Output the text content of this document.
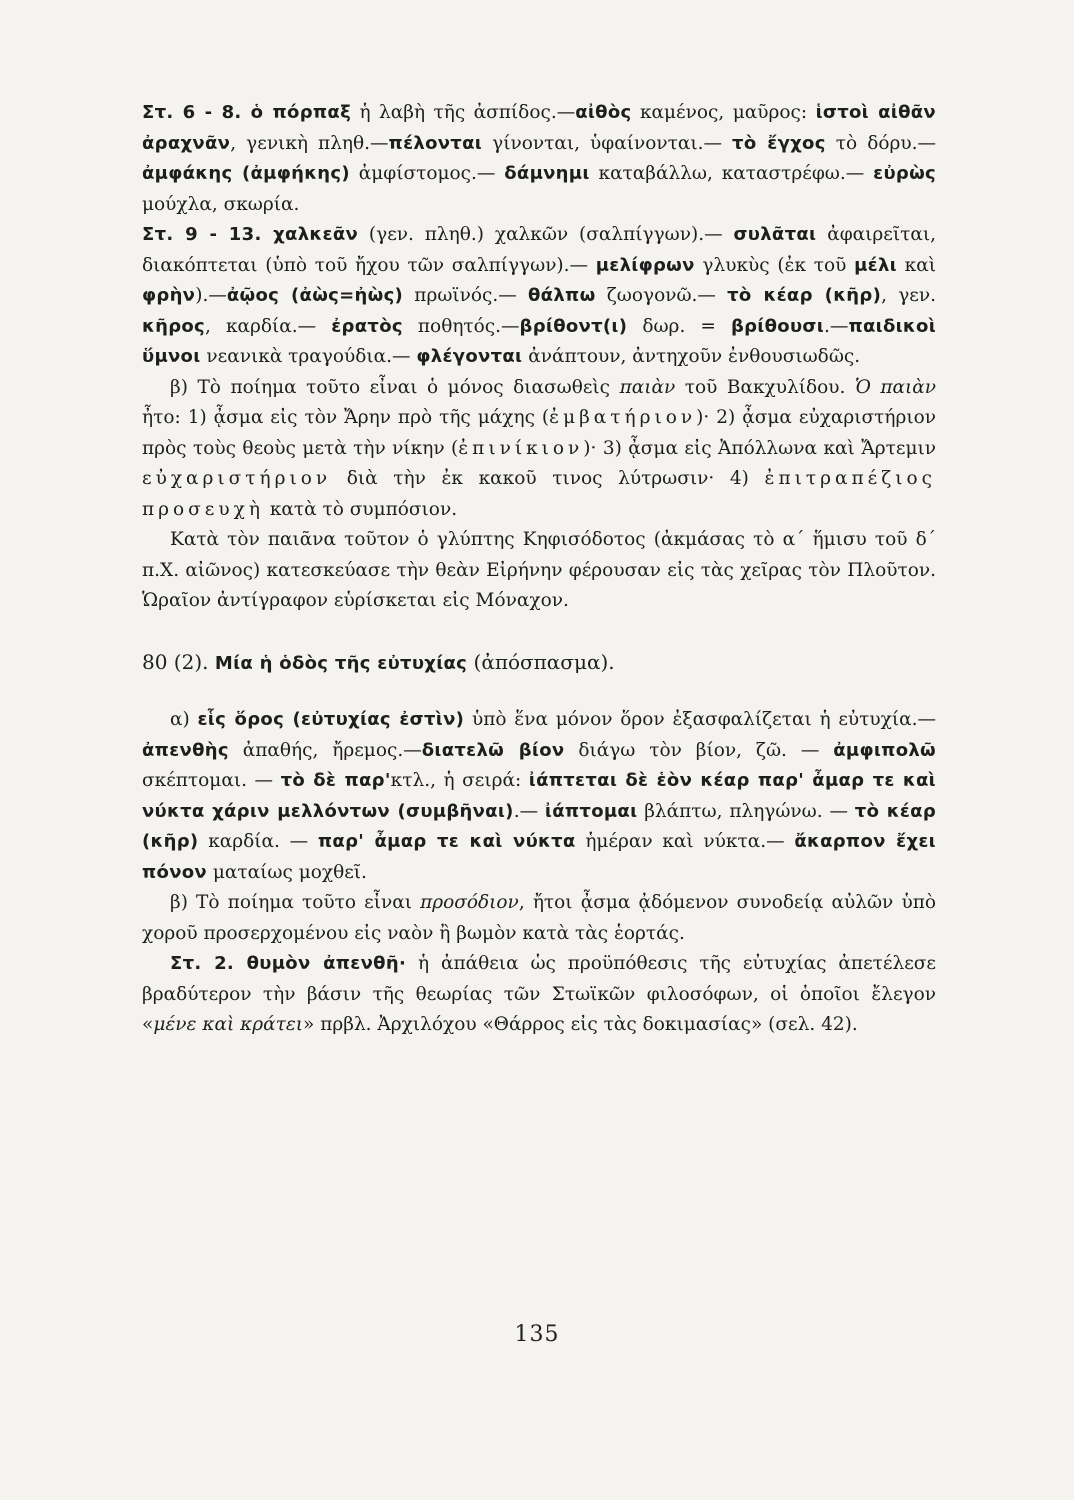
Στ. 6 - 8. ὁ πόρπαξ ἡ λαβὴ τῆς ἀσπίδος.—αἰθὸς καμένος, μαῦρος: ἱστοὶ αἰθᾶν ἀραχνᾶν, γενικὴ πληθ.—πέλονται γίνονται, ὑφαίνονται.— τὸ ἔγχος τὸ δόρυ.— ἀμφάκης (ἀμφήκης) ἀμφίστομος.— δάμνημι καταβάλλω, καταστρέφω.— εὐρὼς μούχλα, σκωρία.

Στ. 9 - 13. χαλκεᾶν (γεν. πληθ.) χαλκῶν (σαλπίγγων).— συλᾶται ἀφαιρεῖται, διακόπτεται (ὑπὸ τοῦ ἤχου τῶν σαλπίγγων).— μελίφρων γλυκὺς (ἐκ τοῦ μέλι καὶ φρὴν).—ἀῷος (ἀὼς=ἠὼς) πρωϊνός.— θάλπω ζωογονῶ.— τὸ κέαρ (κῆρ), γεν. κῆρος, καρδία.— ἐρατὸς ποθητός.—βρίθοντ(ι) δωρ. = βρίθουσι.—παιδικοὶ ὕμνοι νεανικὰ τραγούδια.— φλέγονται ἀνάπτουν, ἀντηχοῦν ἐνθουσιωδῶς.

β) Τὸ ποίημα τοῦτο εἶναι ὁ μόνος διασωθεὶς παιὰν τοῦ Βακχυλίδου. Ὁ παιὰν ἦτο: 1) ᾆσμα εἰς τὸν Ἄρην πρὸ τῆς μάχης (ἐμβατήριον)· 2) ᾆσμα εὐχαριστήριον πρὸς τοὺς θεοὺς μετὰ τὴν νίκην (ἐπινίκιον)· 3) ᾆσμα εἰς Ἀπόλλωνα καὶ Ἄρτεμιν εὐχαριστήριον διὰ τὴν ἐκ κακοῦ τινος λύτρωσιν· 4) ἐπιτραπέζιος προσευχὴ κατὰ τὸ συμπόσιον.

Κατὰ τὸν παιᾶνα τοῦτον ὁ γλύπτης Κηφισόδοτος (ἀκμάσας τὸ α΄ ἥμισυ τοῦ δ΄ π.Χ. αἰῶνος) κατεσκεύασε τὴν θεὰν Εἰρήνην φέρουσαν εἰς τὰς χεῖρας τὸν Πλοῦτον. Ὡραῖον ἀντίγραφον εὑρίσκεται εἰς Μόναχον.

80 (2). Μία ἡ ὁδὸς τῆς εὐτυχίας (ἀπόσπασμα).

α) εἷς ὅρος (εὐτυχίας ἐστὶν) ὑπὸ ἕνα μόνον ὅρον ἐξασφαλίζεται ἡ εὐτυχία.—ἀπενθὴς ἀπαθής, ἤρεμος.—διατελῶ βίον διάγω τὸν βίον, ζῶ. — ἀμφιπολῶ σκέπτομαι. — τὸ δὲ παρ'κτλ., ἡ σειρά: ἰάπτεται δὲ ἑὸν κέαρ παρ' ἆμαρ τε καὶ νύκτα χάριν μελλόντων (συμβῆναι).— ἰάπτομαι βλάπτω, πληγώνω. — τὸ κέαρ (κῆρ) καρδία. — παρ' ἆμαρ τε καὶ νύκτα ἡμέραν καὶ νύκτα.— ἄκαρπον ἔχει πόνον ματαίως μοχθεῖ.

β) Τὸ ποίημα τοῦτο εἶναι προσόδιον, ἤτοι ᾆσμα ᾀδόμενον συνοδείᾳ αὐλῶν ὑπὸ χοροῦ προσερχομένου εἰς ναὸν ἢ βωμὸν κατὰ τὰς ἑορτάς.

Στ. 2. θυμὸν ἀπενθῆ· ἡ ἀπάθεια ὡς προϋπόθεσις τῆς εὐτυχίας ἀπετέλεσε βραδύτερον τὴν βάσιν τῆς θεωρίας τῶν Στωϊκῶν φιλοσόφων, οἱ ὁποῖοι ἔλεγον «μένε καὶ κράτει» πρβλ. Ἀρχιλόχου «Θάρρος εἰς τὰς δοκιμασίας» (σελ. 42).

135
